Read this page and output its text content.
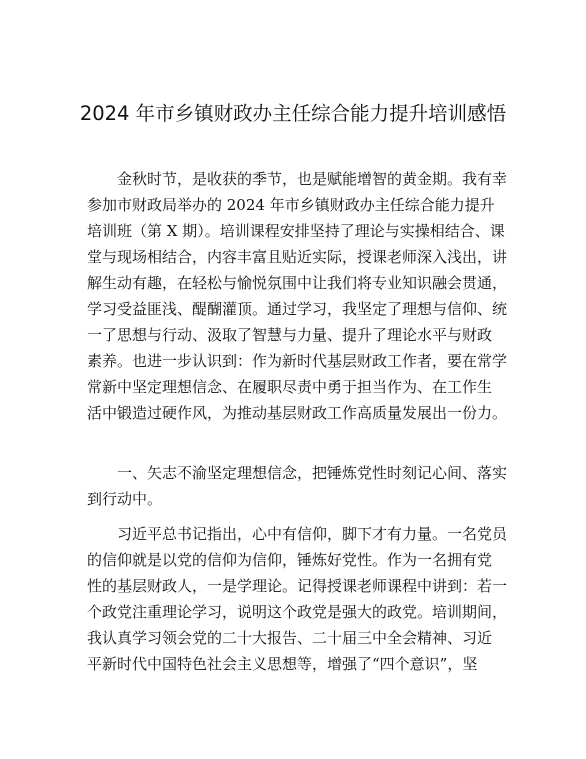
2024 年市乡镇财政办主任综合能力提升培训感悟
金秋时节，是收获的季节，也是赋能增智的黄金期。我有幸
参加市财政局举办的 2024 年市乡镇财政办主任综合能力提升
培训班（第 X 期）。培训课程安排坚持了理论与实操相结合、课
堂与现场相结合，内容丰富且贴近实际，授课老师深入浅出，讲
解生动有趣，在轻松与愉悦氛围中让我们将专业知识融会贯通，
学习受益匪浅、醍醐灌顶。通过学习，我坚定了理想与信仰、统
一了思想与行动、汲取了智慧与力量、提升了理论水平与财政
素养。也进一步认识到：作为新时代基层财政工作者，要在常学
常新中坚定理想信念、在履职尽责中勇于担当作为、在工作生
活中锻造过硬作风，为推动基层财政工作高质量发展出一份力。
一、矢志不渝坚定理想信念，把锤炼党性时刻记心间、落实
到行动中。
习近平总书记指出，心中有信仰，脚下才有力量。一名党员
的信仰就是以党的信仰为信仰，锤炼好党性。作为一名拥有党
性的基层财政人，一是学理论。记得授课老师课程中讲到：若一
个政党注重理论学习，说明这个政党是强大的政党。培训期间，
我认真学习领会党的二十大报告、二十届三中全会精神、习近
平新时代中国特色社会主义思想等，增强了“四个意识”，坚
